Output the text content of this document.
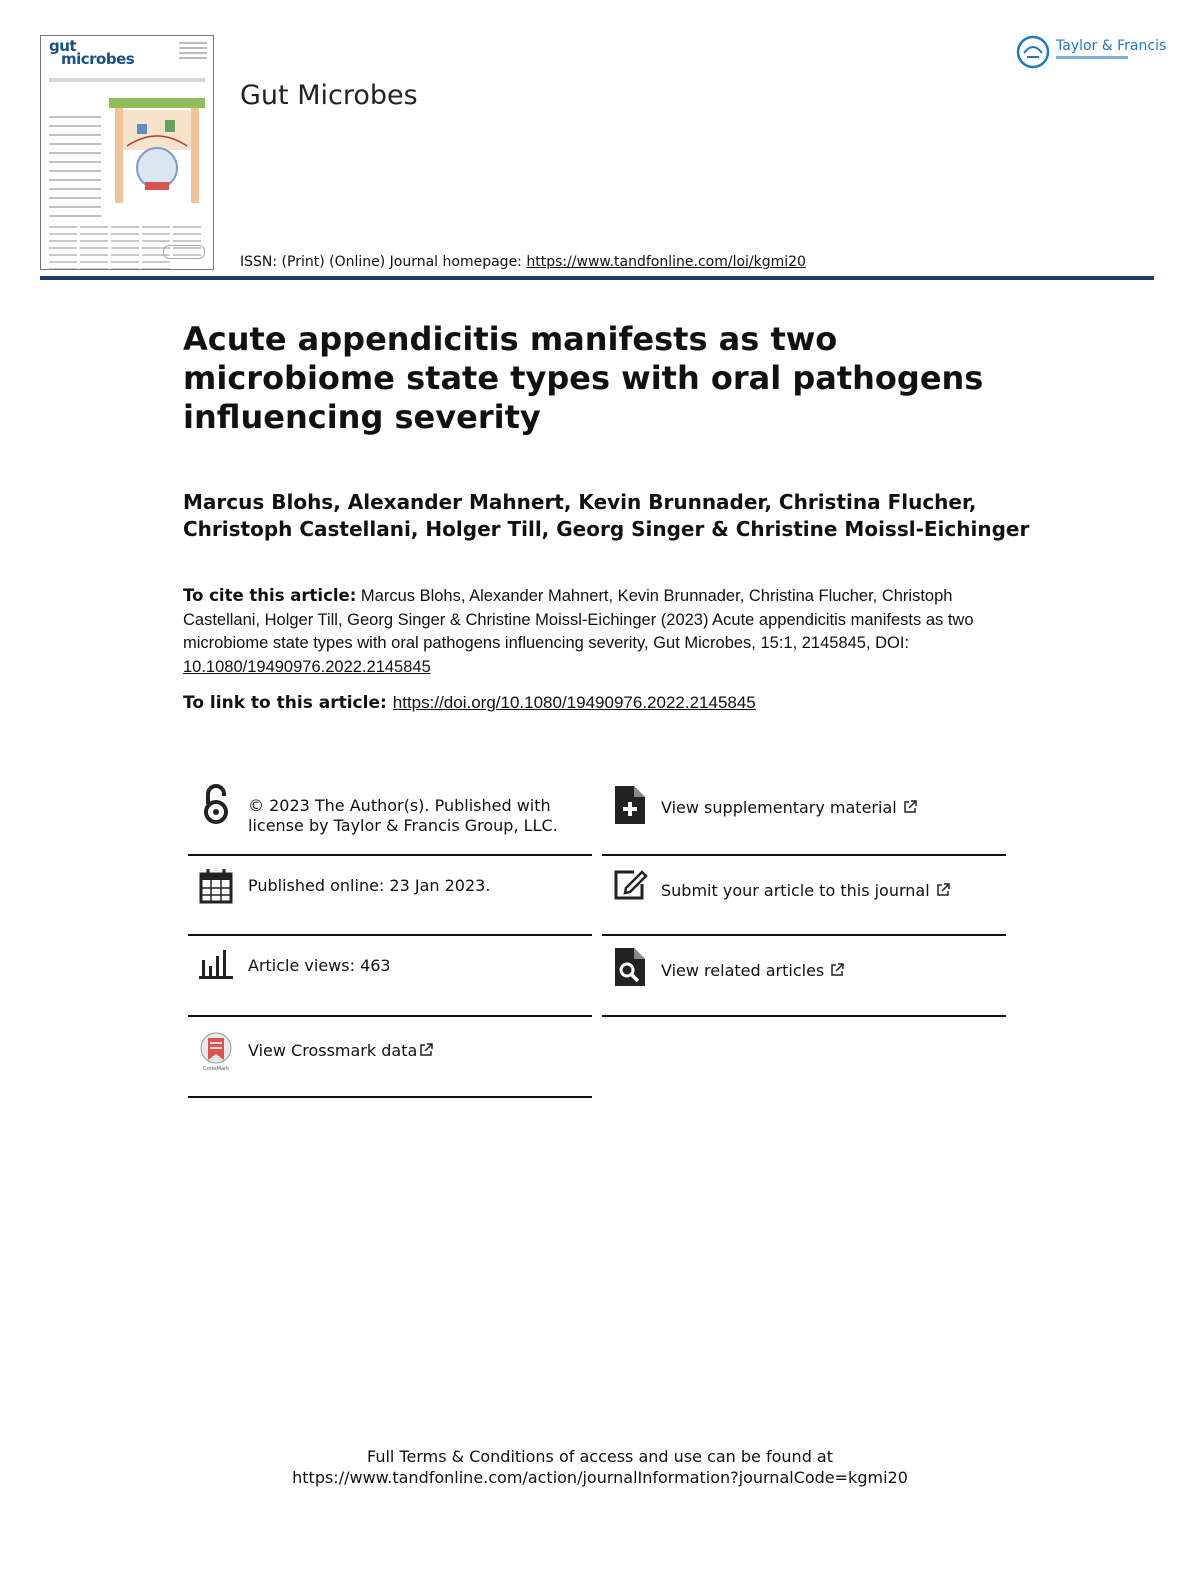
gut
microbes
Gut Microbes
ISSN: (Print) (Online) Journal homepage: https://www.tandfonline.com/loi/kgmi20
Taylor & Francis
Acute appendicitis manifests as two microbiome state types with oral pathogens influencing severity
Marcus Blohs, Alexander Mahnert, Kevin Brunnader, Christina Flucher, Christoph Castellani, Holger Till, Georg Singer & Christine Moissl-Eichinger
To cite this article: Marcus Blohs, Alexander Mahnert, Kevin Brunnader, Christina Flucher, Christoph Castellani, Holger Till, Georg Singer & Christine Moissl-Eichinger (2023) Acute appendicitis manifests as two microbiome state types with oral pathogens influencing severity, Gut Microbes, 15:1, 2145845, DOI: 10.1080/19490976.2022.2145845
To link to this article: https://doi.org/10.1080/19490976.2022.2145845
© 2023 The Author(s). Published with
license by Taylor & Francis Group, LLC.
Published online: 23 Jan 2023.
Article views: 463
CrossMark
View Crossmark data
View supplementary material
Submit your article to this journal
View related articles
Full Terms & Conditions of access and use can be found at
https://www.tandfonline.com/action/journalInformation?journalCode=kgmi20
